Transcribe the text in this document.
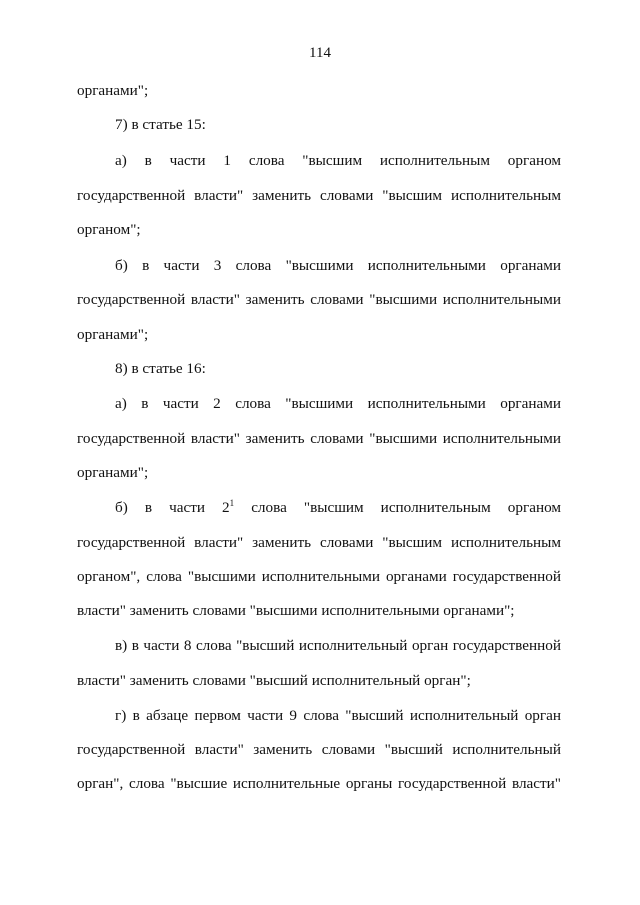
114
органами";
7) в статье 15:
а) в части 1 слова "высшим исполнительным органом
государственной власти" заменить словами "высшим исполнительным
органом";
б) в части 3 слова "высшими исполнительными органами
государственной власти" заменить словами "высшими исполнительными
органами";
8) в статье 16:
а) в части 2 слова "высшими исполнительными органами
государственной власти" заменить словами "высшими исполнительными
органами";
б) в части $2^1$ слова "высшим исполнительным органом
государственной власти" заменить словами "высшим исполнительным
органом", слова "высшими исполнительными органами государственной
власти" заменить словами "высшими исполнительными органами";
в) в части 8 слова "высший исполнительный орган государственной
власти" заменить словами "высший исполнительный орган";
г) в абзаце первом части 9 слова "высший исполнительный орган
государственной власти" заменить словами "высший исполнительный
орган", слова "высшие исполнительные органы государственной власти"
